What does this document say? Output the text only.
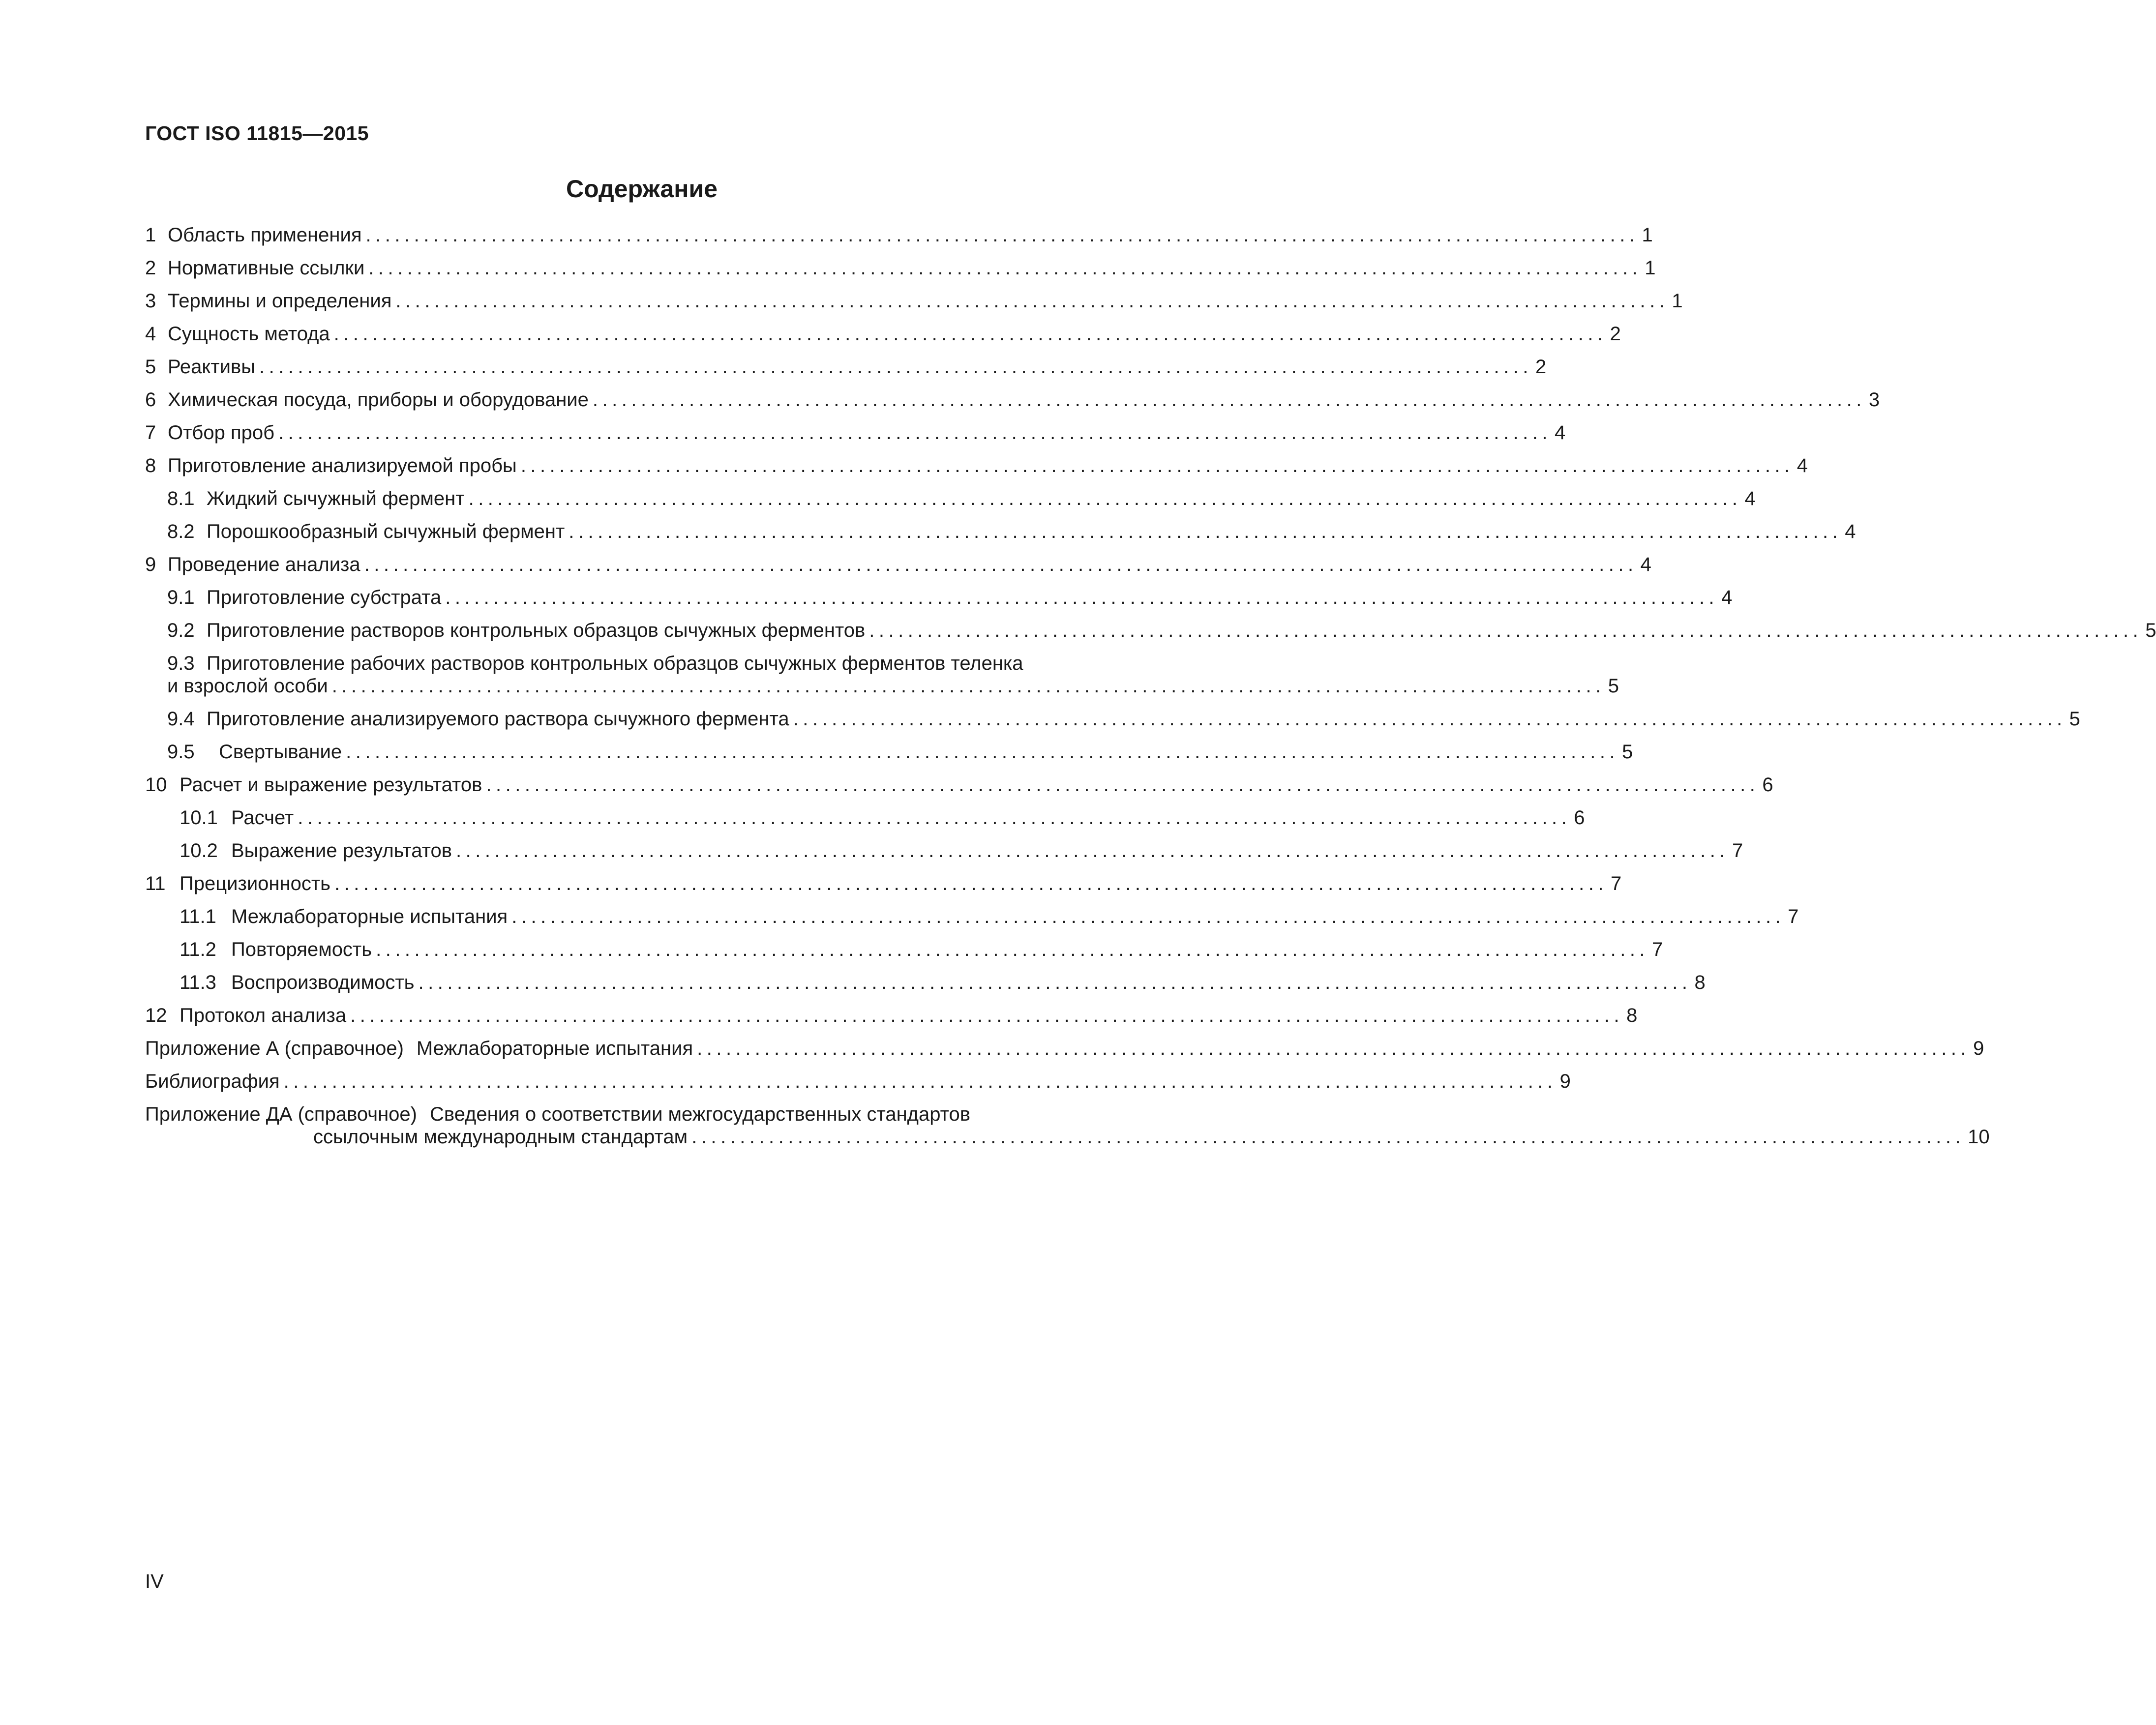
ГОСТ ISO 11815—2015
Содержание
1 Область применения .................................................................................................................................... 1
2 Нормативные ссылки .................................................................................................................................... 1
3 Термины и определения .................................................................................................................................... 1
4 Сущность метода .................................................................................................................................... 2
5 Реактивы .................................................................................................................................... 2
6 Химическая посуда, приборы и оборудование .................................................................................................................................... 3
7 Отбор проб .................................................................................................................................... 4
8 Приготовление анализируемой пробы .................................................................................................................................... 4
8.1 Жидкий сычужный фермент .................................................................................................................................... 4
8.2 Порошкообразный сычужный фермент .................................................................................................................................... 4
9 Проведение анализа .................................................................................................................................... 4
9.1 Приготовление субстрата .................................................................................................................................... 4
9.2 Приготовление растворов контрольных образцов сычужных ферментов .................................................................................................................................... 5
9.3 Приготовление рабочих растворов контрольных образцов сычужных ферментов теленка
и взрослой особи .................................................................................................................................... 5
9.4 Приготовление анализируемого раствора сычужного фермента .................................................................................................................................... 5
9.5	Свертывание .................................................................................................................................... 5
10 Расчет и выражение результатов .................................................................................................................................... 6
10.1 Расчет .................................................................................................................................... 6
10.2 Выражение результатов .................................................................................................................................... 7
11 Прецизионность .................................................................................................................................... 7
11.1 Межлабораторные испытания .................................................................................................................................... 7
11.2 Повторяемость .................................................................................................................................... 7
11.3 Воспроизводимость .................................................................................................................................... 8
12 Протокол анализа .................................................................................................................................... 8
Приложение А (справочное) Межлабораторные испытания .................................................................................................................................... 9
Библиография .................................................................................................................................... 9
Приложение ДА (справочное) Сведения о соответствии межгосударственных стандартов
ссылочным международным стандартам .................................................................................................................................... 10
IV
